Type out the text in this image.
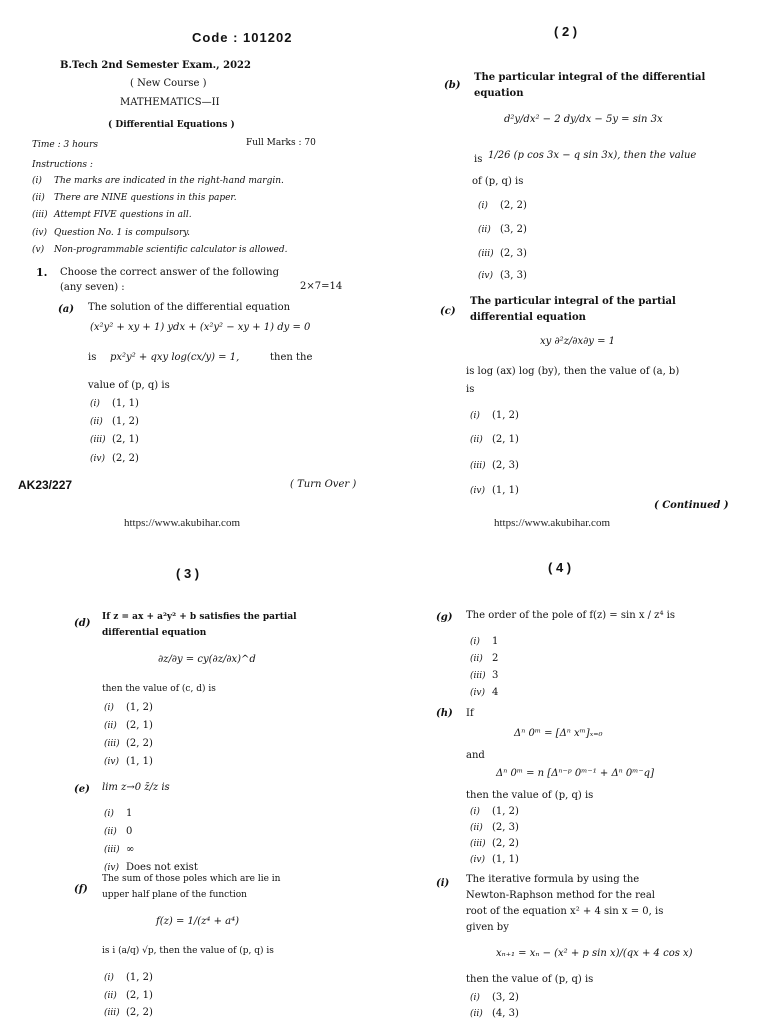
Code : 101202
B.Tech 2nd Semester Exam., 2022
( New Course )
MATHEMATICS—II
( Differential Equations )
Time : 3 hours	Full Marks : 70
Instructions :
(i) The marks are indicated in the right-hand margin.
(ii) There are NINE questions in this paper.
(iii) Attempt FIVE questions in all.
(iv) Question No. 1 is compulsory.
(v) Non-programmable scientific calculator is allowed.
1. Choose the correct answer of the following
(any seven) :	2×7=14
(a) The solution of the differential equation
(x²y² + xy + 1) ydx + (x²y² − xy + 1) dy = 0
is px²y² + qxy log(cx/y) = 1,	then the
value of (p, q) is
(i) (1, 1)
(ii) (1, 2)
(iii) (2, 1)
(iv) (2, 2)
AK23/227	( Turn Over )
https://www.akubihar.com
( 2 )
(b)
The particular integral of the differential
equation
d²y/dx² − 2 dy/dx − 5y = sin 3x
is 1/26 (p cos 3x − q sin 3x), then the value
of (p, q) is
(i) (2, 2)
(ii) (3, 2)
(iii) (2, 3)
(iv) (3, 3)
(c)
The particular integral of the partial
differential equation
xy ∂²z/∂x∂y = 1
is log (ax) log (by), then the value of (a, b)
is
(i) (1, 2)
(ii) (2, 1)
(iii) (2, 3)
(iv) (1, 1)
( Continued )
https://www.akubihar.com
( 3 )
(d)
If z = ax + a²y² + b satisfies the partial
differential equation
∂z/∂y = cy(∂z/∂x)^d
then the value of (c, d) is
(i) (1, 2)
(ii) (2, 1)
(iii) (2, 2)
(iv) (1, 1)
(e) lim z→0 z̄/z is
(i) 1
(ii) 0
(iii) ∞
(iv) Does not exist
(f)
The sum of those poles which are lie in
upper half plane of the function
f(z) = 1/(z⁴ + a⁴)
is i (a/q) √p, then the value of (p, q) is
(i) (1, 2)
(ii) (2, 1)
(iii) (2, 2)
( 4 )
(g) The order of the pole of f(z) = sin x / z⁴ is
(i) 1
(ii) 2
(iii) 3
(iv) 4
(h) If
Δⁿ 0ᵐ = [Δⁿ xᵐ]ₓ₌₀
and
Δⁿ 0ᵐ = n [Δⁿ⁻ᵖ 0ᵐ⁻¹ + Δⁿ 0ᵐ⁻q]
then the value of (p, q) is
(i) (1, 2)
(ii) (2, 3)
(iii) (2, 2)
(iv) (1, 1)
(i) The iterative formula by using the
Newton-Raphson method for the real
root of the equation x² + 4 sin x = 0, is
given by
xₙ₊₁ = xₙ − (x² + p sin x)/(qx + 4 cos x)
then the value of (p, q) is
(i) (3, 2)
(ii) (4, 3)
